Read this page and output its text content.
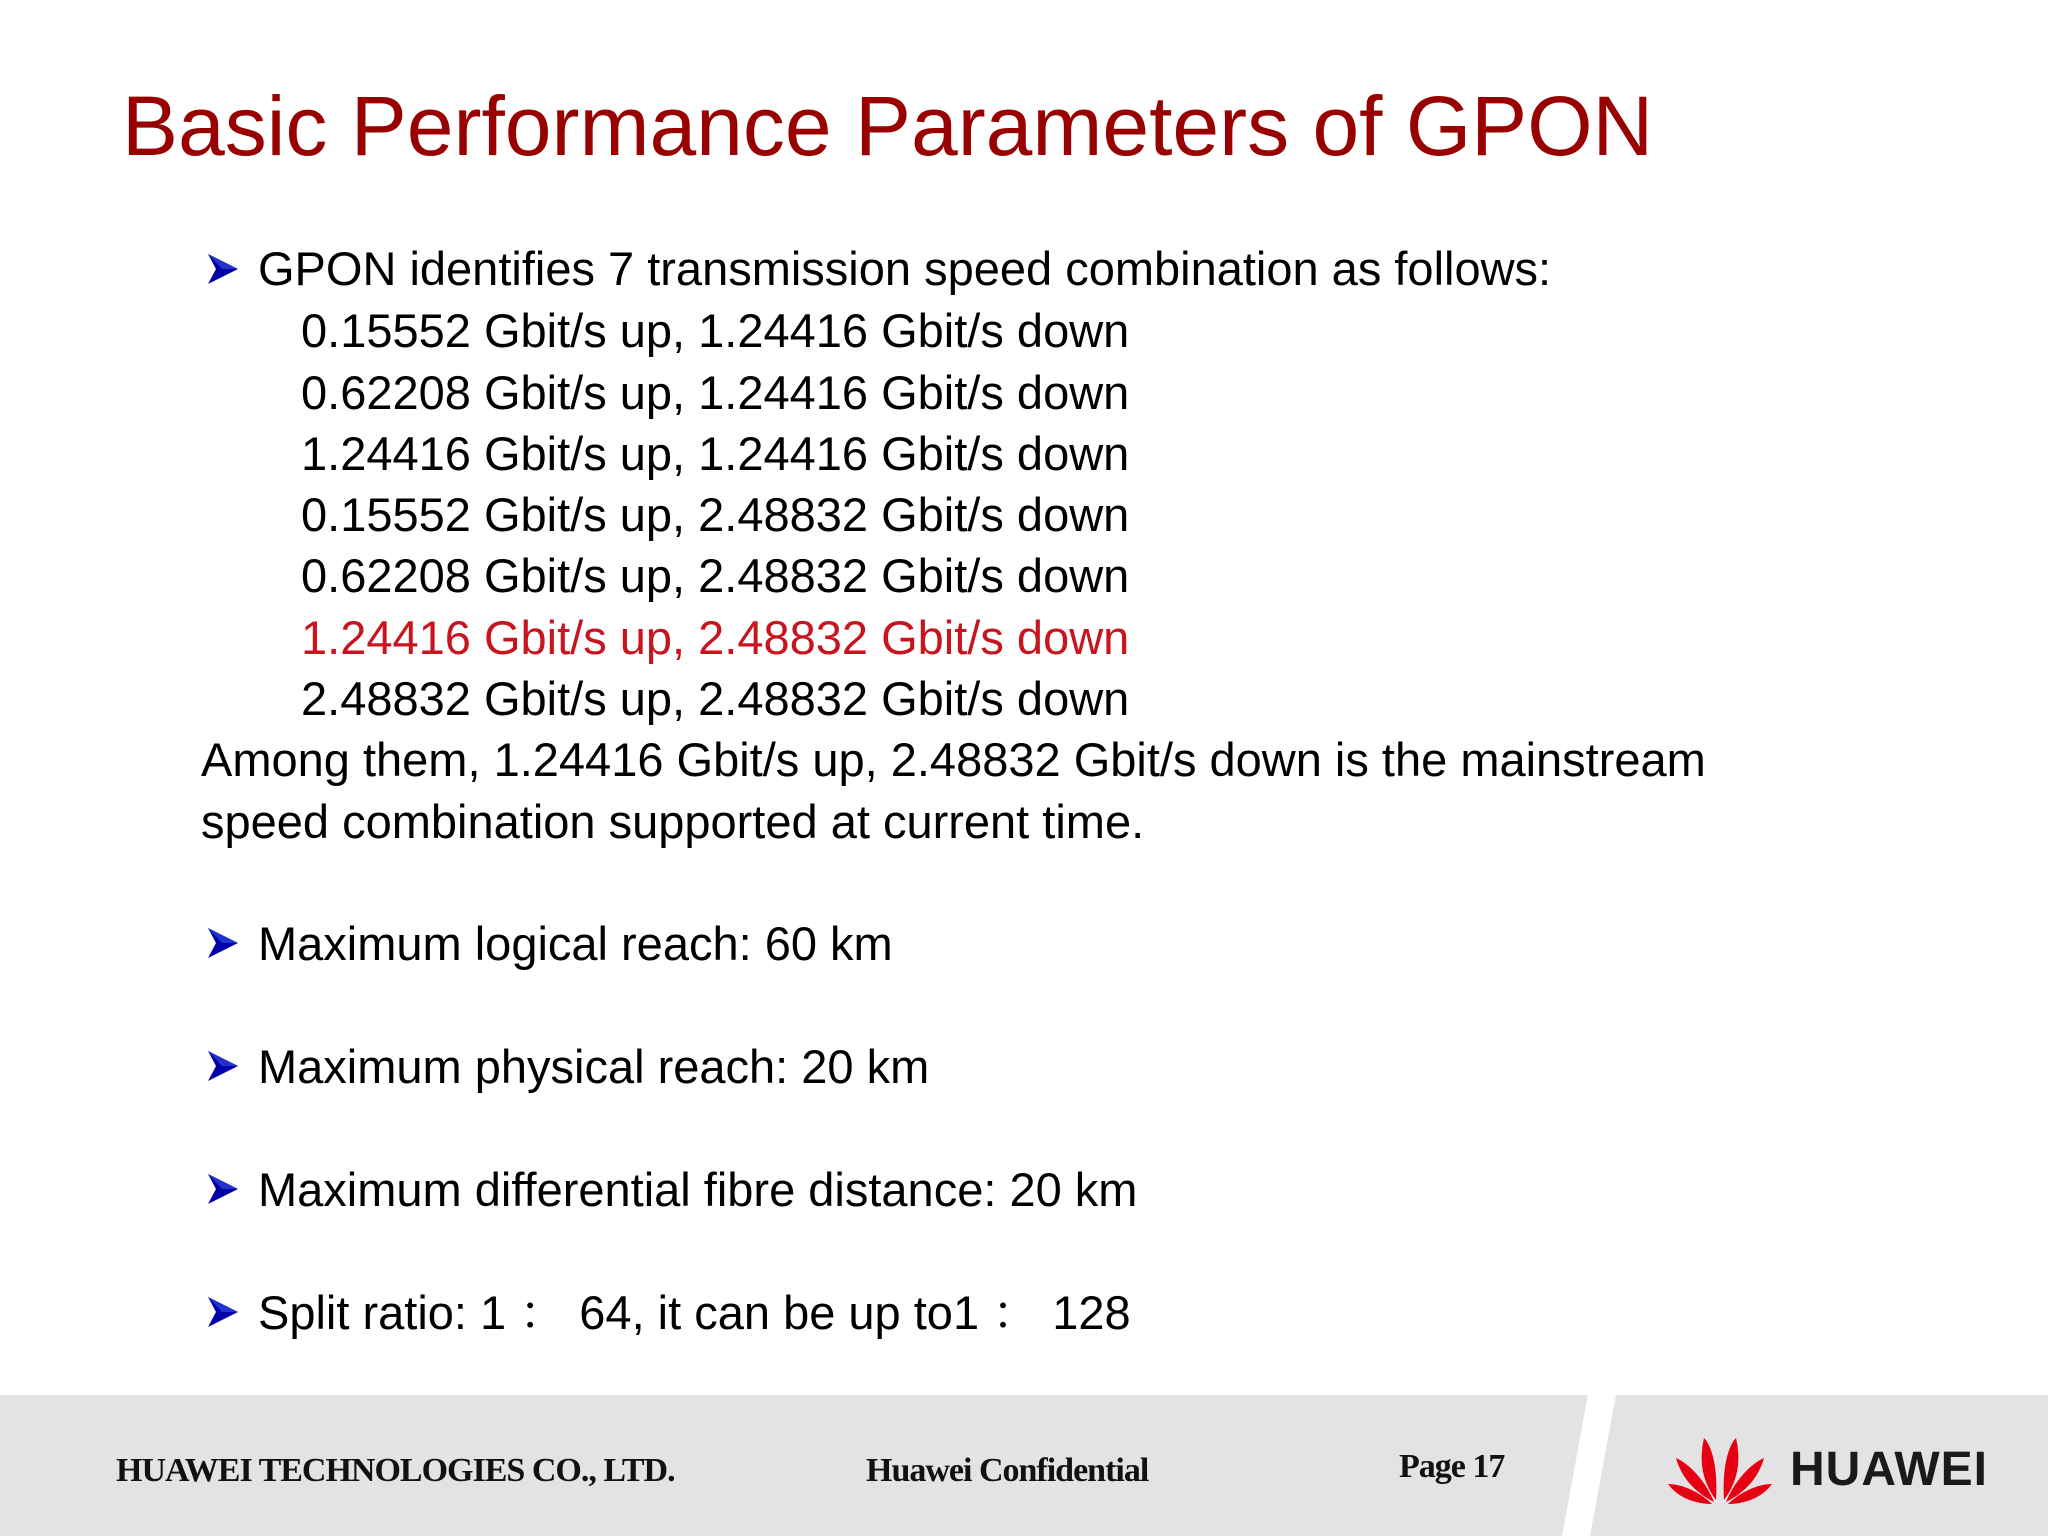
Basic Performance Parameters of GPON
GPON identifies 7 transmission speed combination as follows:
0.15552 Gbit/s up, 1.24416 Gbit/s down
0.62208 Gbit/s up, 1.24416 Gbit/s down
1.24416 Gbit/s up, 1.24416 Gbit/s down
0.15552 Gbit/s up, 2.48832 Gbit/s down
0.62208 Gbit/s up, 2.48832 Gbit/s down
1.24416 Gbit/s up, 2.48832 Gbit/s down
2.48832 Gbit/s up, 2.48832 Gbit/s down
Among them, 1.24416 Gbit/s up, 2.48832 Gbit/s down is the mainstream
speed combination supported at current time.
Maximum logical reach: 60 km
Maximum physical reach: 20 km
Maximum differential fibre distance: 20 km
Split ratio: 1 ： 64, it can be up to1 ： 128
HUAWEI TECHNOLOGIES CO., LTD.	Huawei Confidential	Page 17	HUAWEI
